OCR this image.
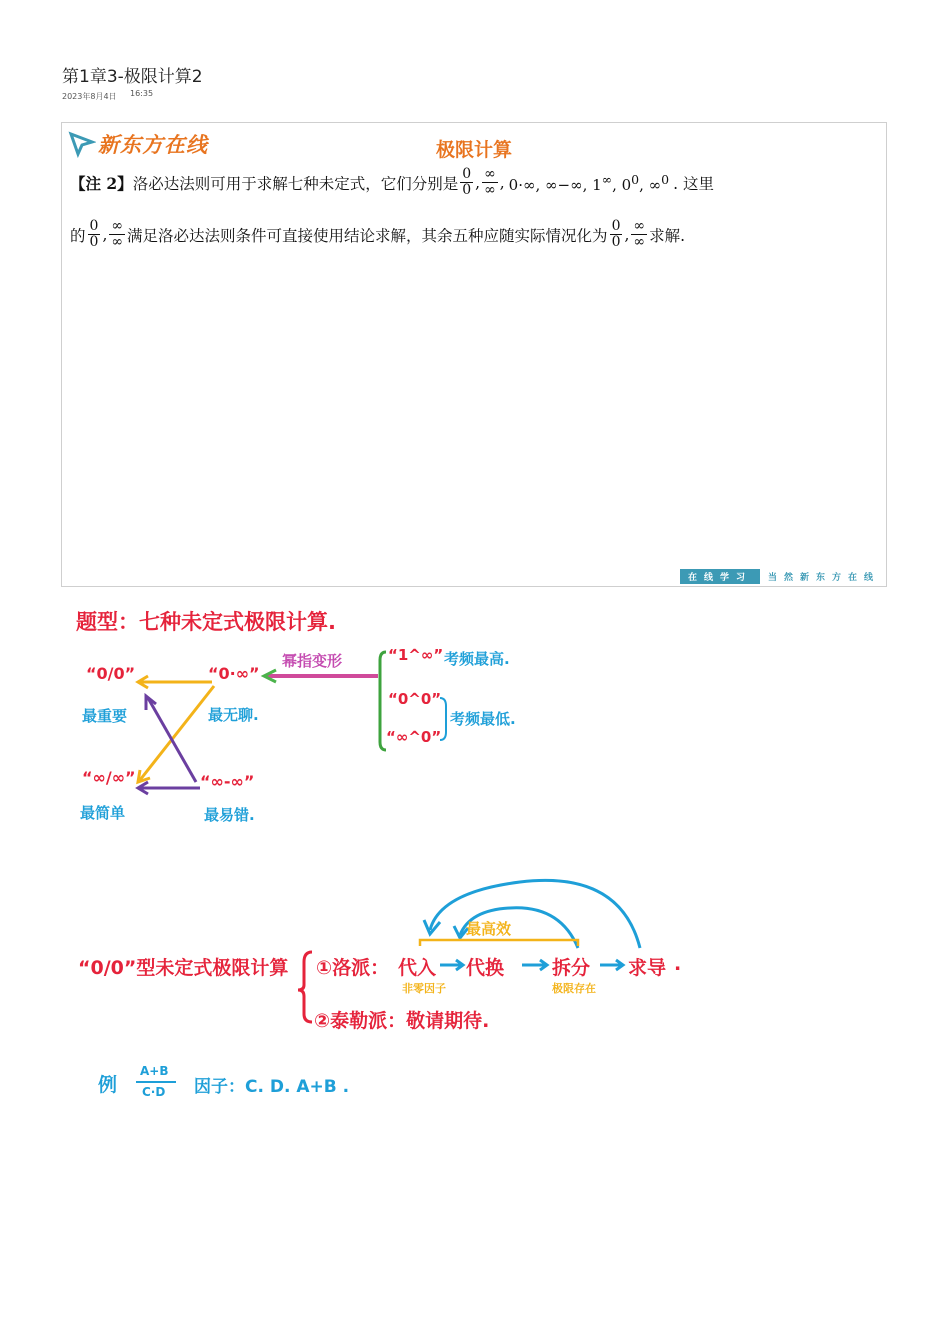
第1章3-极限计算2
2023年8月4日 16:35
新东方在线	极限计算
【注 2】 洛必达法则可用于求解七种未定式，它们分别是 $\frac{0}{0}$ , $\frac{\infty}{\infty}$ , 0·∞, ∞−∞, 1∞, $0^0$, ∞$^0$ . 这里
的 $\frac{0}{0}$ , $\frac{\infty}{\infty}$ 满足洛必达法则条件可直接使用结论求解，其余五种应随实际情况化为 $\frac{0}{0}$ , $\frac{\infty}{\infty}$ 求解.
在线学习	当然新东方在线
题型：七种未定式极限计算.
“0/0”
最重要
“∞/∞”
最简单
“0·∞”
最无聊.
“∞-∞”
最易错.
幂指变形	“1^∞” 考频最高.
“0^0”
考频最低.
“∞^0”
“0/0”型未定式极限计算 ①洛派： 代入 代换	拆分 求导 .
非零因子	极限存在
最高效
②泰勒派：敬请期待.
例
A+B
C·D 因子：C. D. A+B .
